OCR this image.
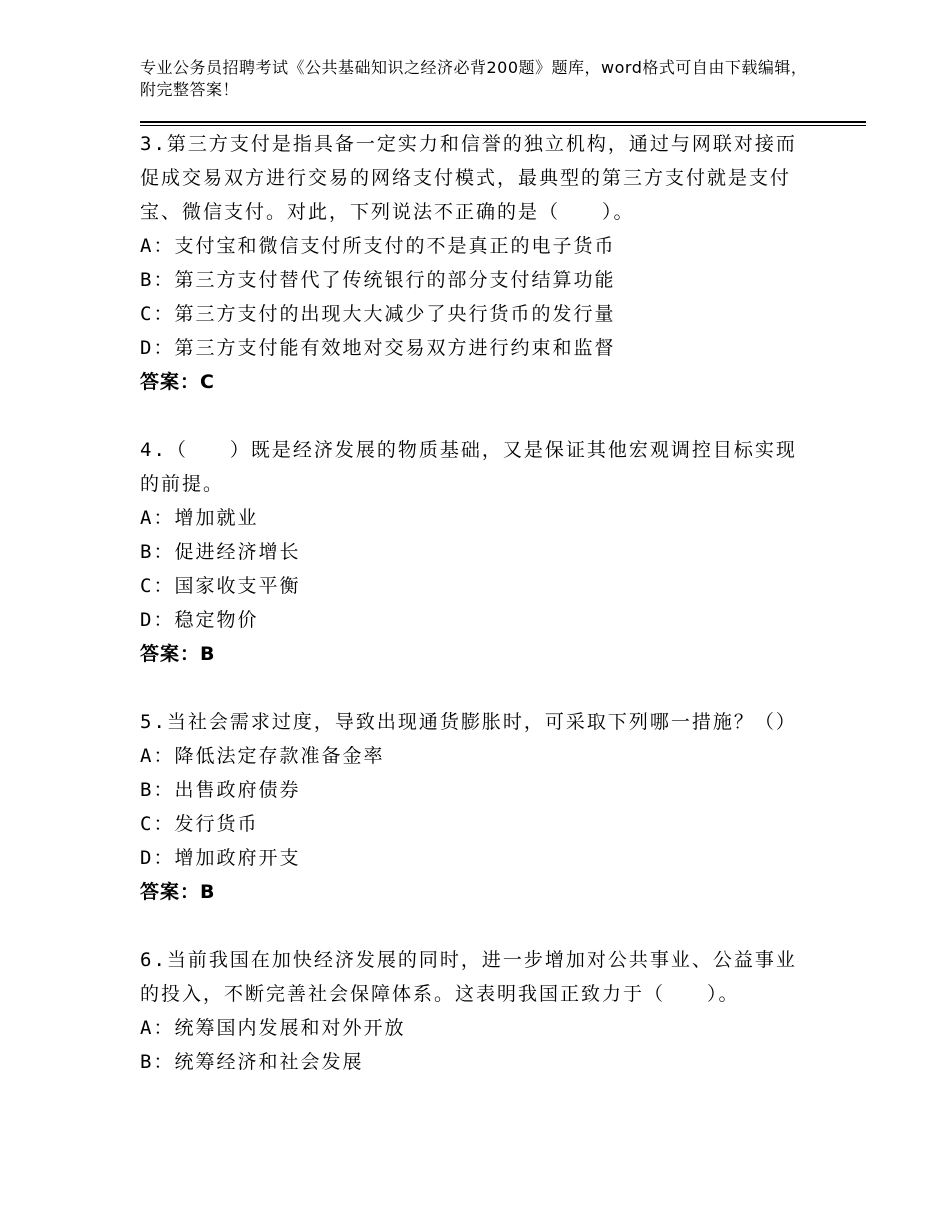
专业公务员招聘考试《公共基础知识之经济必背200题》题库，word格式可自由下载编辑，附完整答案！
3.第三方支付是指具备一定实力和信誉的独立机构，通过与网联对接而促成交易双方进行交易的网络支付模式，最典型的第三方支付就是支付宝、微信支付。对此，下列说法不正确的是（　　）。
A：支付宝和微信支付所支付的不是真正的电子货币
B：第三方支付替代了传统银行的部分支付结算功能
C：第三方支付的出现大大减少了央行货币的发行量
D：第三方支付能有效地对交易双方进行约束和监督
答案：C
4.（　　）既是经济发展的物质基础，又是保证其他宏观调控目标实现的前提。
A：增加就业
B：促进经济增长
C：国家收支平衡
D：稳定物价
答案：B
5.当社会需求过度，导致出现通货膨胀时，可采取下列哪一措施？（）
A：降低法定存款准备金率
B：出售政府债券
C：发行货币
D：增加政府开支
答案：B
6.当前我国在加快经济发展的同时，进一步增加对公共事业、公益事业的投入，不断完善社会保障体系。这表明我国正致力于（　　）。
A：统筹国内发展和对外开放
B：统筹经济和社会发展
